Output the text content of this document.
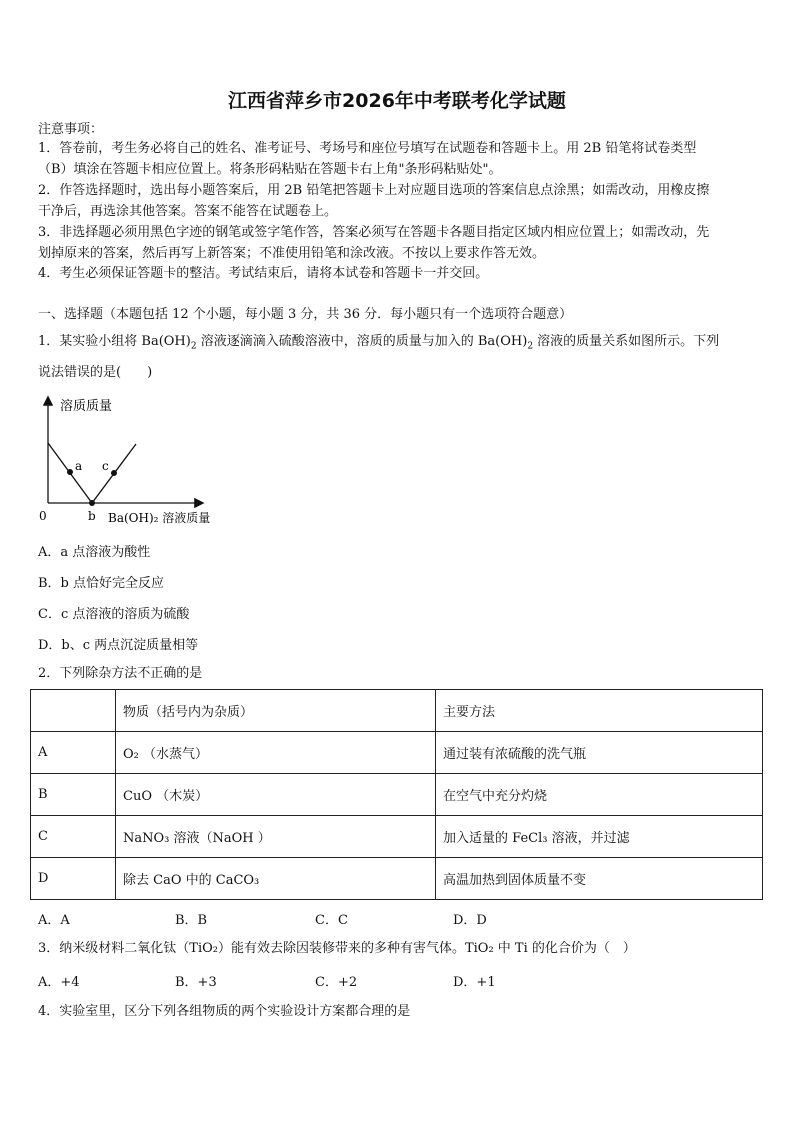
江西省萍乡市2026年中考联考化学试题
注意事项：
1．答卷前，考生务必将自己的姓名、准考证号、考场号和座位号填写在试题卷和答题卡上。用 2B 铅笔将试卷类型
（B）填涂在答题卡相应位置上。将条形码粘贴在答题卡右上角"条形码粘贴处"。
2．作答选择题时，选出每小题答案后，用 2B 铅笔把答题卡上对应题目选项的答案信息点涂黑；如需改动，用橡皮擦
干净后，再选涂其他答案。答案不能答在试题卷上。
3．非选择题必须用黑色字迹的钢笔或签字笔作答，答案必须写在答题卡各题目指定区域内相应位置上；如需改动，先
划掉原来的答案，然后再写上新答案；不准使用铅笔和涂改液。不按以上要求作答无效。
4．考生必须保证答题卡的整洁。考试结束后，请将本试卷和答题卡一并交回。
一、选择题（本题包括 12 个小题，每小题 3 分，共 36 分．每小题只有一个选项符合题意）
1．某实验小组将 $Ba(OH)_2$ 溶液逐滴滴入硫酸溶液中，溶质的质量与加入的 $Ba(OH)_2$ 溶液的质量关系如图所示。下列
说法错误的是(　　)
溶质质量
0
a
b
c
Ba(OH)₂ 溶液质量
A．a 点溶液为酸性
B．b 点恰好完全反应
C．c 点溶液的溶质为硫酸
D．b、c 两点沉淀质量相等
2．下列除杂方法不正确的是
	物质（括号内为杂质）	主要方法
A	O₂ （水蒸气）	通过装有浓硫酸的洗气瓶
B	CuO （木炭）	在空气中充分灼烧
C	NaNO₃ 溶液（NaOH ）	加入适量的 FeCl₃ 溶液，并过滤
D	除去 CaO 中的 CaCO₃	高温加热到固体质量不变
A．A	B．B	C．C	D．D
3．纳米级材料二氧化钛（TiO₂）能有效去除因装修带来的多种有害气体。TiO₂ 中 Ti 的化合价为（　）
A．+4	B．+3	C．+2	D．+1
4．实验室里，区分下列各组物质的两个实验设计方案都合理的是
